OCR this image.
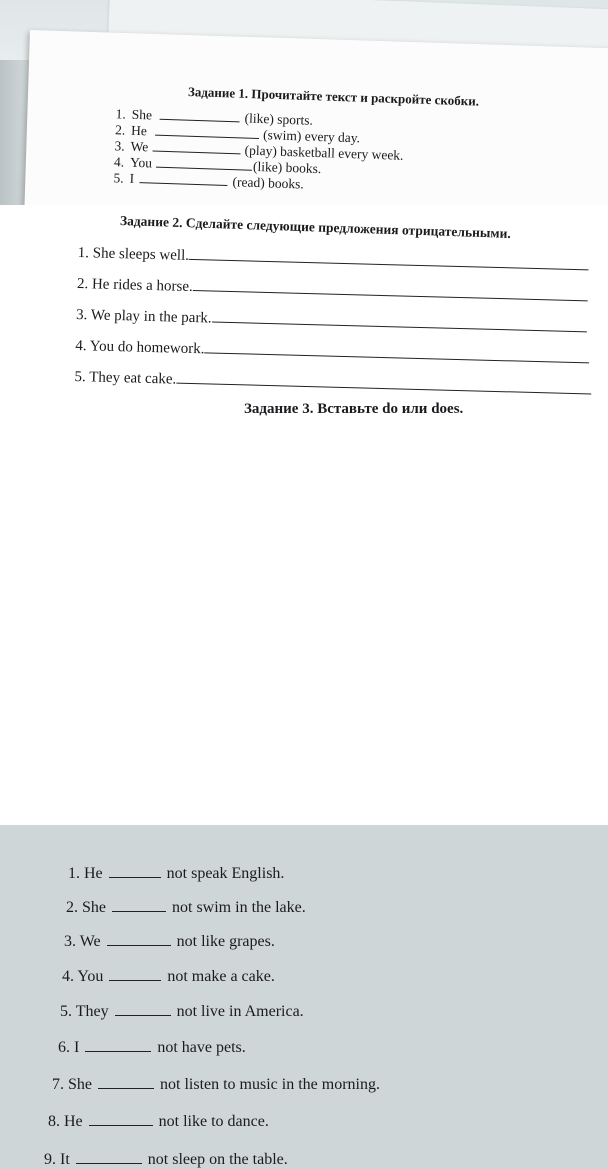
Задание 1. Прочитайте текст и раскройте скобки.
1. She	(like) sports.
2. He	(swim) every day.
3. We	(play) basketball every week.
4. You	(like) books.
5. I	(read) books.
Задание 2. Сделайте следующие предложения отрицательными.
1. She sleeps well.
2. He rides a horse.
3. We play in the park.
4. You do homework.
5. They eat cake.
Задание 3. Вставьте do или does.
1. He	not speak English.
2. She	not swim in the lake.
3. We	not like grapes.
4. You	not make a cake.
5. They	not live in America.
6. I	not have pets.
7. She	not listen to music in the morning.
8. He	not like to dance.
9. It	not sleep on the table.
